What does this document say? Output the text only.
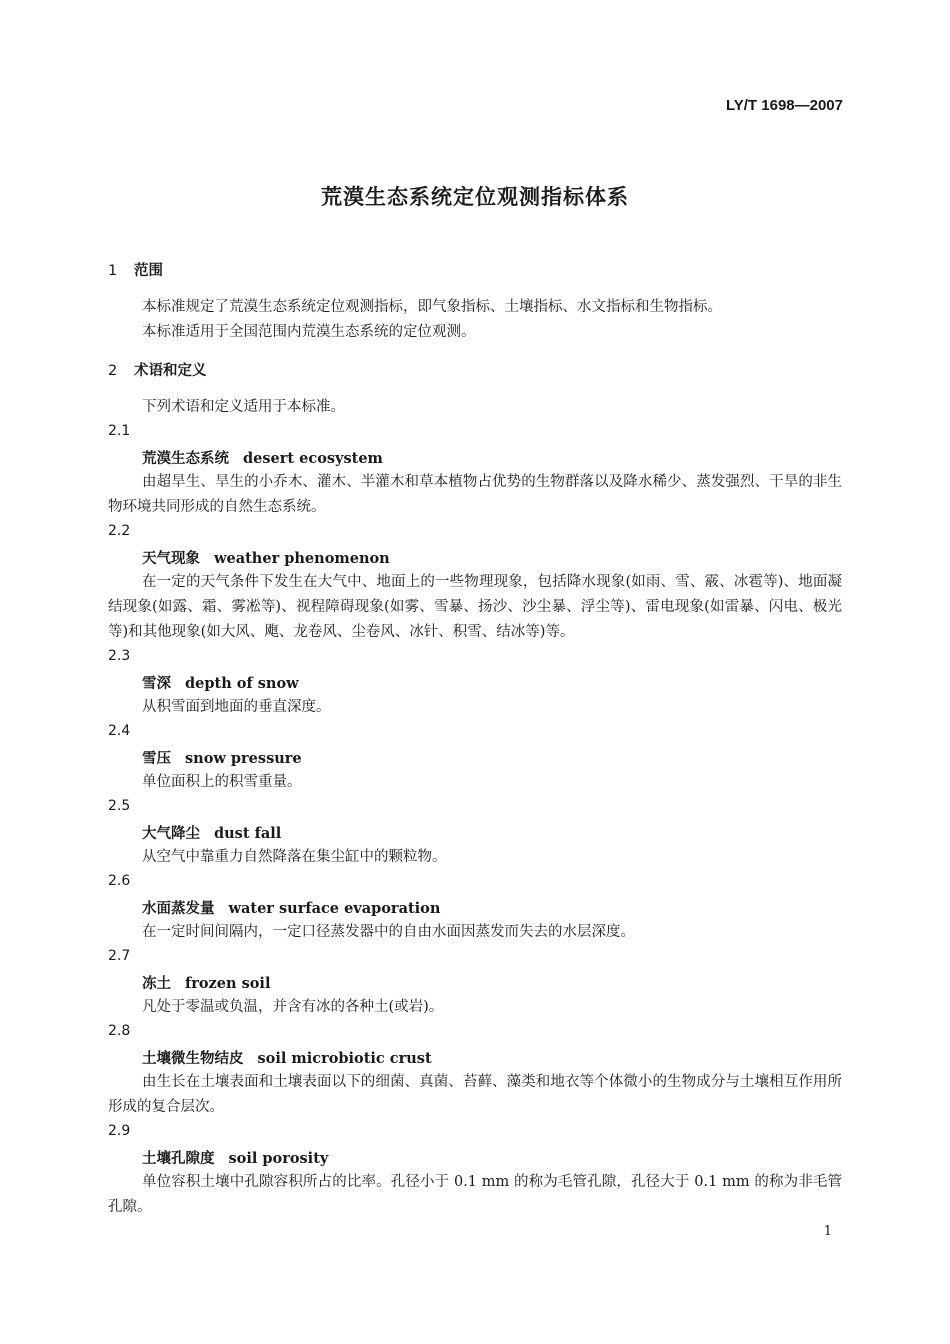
LY/T 1698—2007
荒漠生态系统定位观测指标体系
1 范围
本标准规定了荒漠生态系统定位观测指标，即气象指标、土壤指标、水文指标和生物指标。
本标准适用于全国范围内荒漠生态系统的定位观测。
2 术语和定义
下列术语和定义适用于本标准。
2.1
荒漠生态系统 desert ecosystem
由超旱生、旱生的小乔木、灌木、半灌木和草本植物占优势的生物群落以及降水稀少、蒸发强烈、干旱的非生物环境共同形成的自然生态系统。
2.2
天气现象 weather phenomenon
在一定的天气条件下发生在大气中、地面上的一些物理现象，包括降水现象(如雨、雪、霰、冰雹等)、地面凝结现象(如露、霜、雾凇等)、视程障碍现象(如雾、雪暴、扬沙、沙尘暴、浮尘等)、雷电现象(如雷暴、闪电、极光等)和其他现象(如大风、飑、龙卷风、尘卷风、冰针、积雪、结冰等)等。
2.3
雪深 depth of snow
从积雪面到地面的垂直深度。
2.4
雪压 snow pressure
单位面积上的积雪重量。
2.5
大气降尘 dust fall
从空气中靠重力自然降落在集尘缸中的颗粒物。
2.6
水面蒸发量 water surface evaporation
在一定时间间隔内，一定口径蒸发器中的自由水面因蒸发而失去的水层深度。
2.7
冻土 frozen soil
凡处于零温或负温，并含有冰的各种土(或岩)。
2.8
土壤微生物结皮 soil microbiotic crust
由生长在土壤表面和土壤表面以下的细菌、真菌、苔藓、藻类和地衣等个体微小的生物成分与土壤相互作用所形成的复合层次。
2.9
土壤孔隙度 soil porosity
单位容积土壤中孔隙容积所占的比率。孔径小于 0.1 mm 的称为毛管孔隙，孔径大于 0.1 mm 的称为非毛管孔隙。
1
